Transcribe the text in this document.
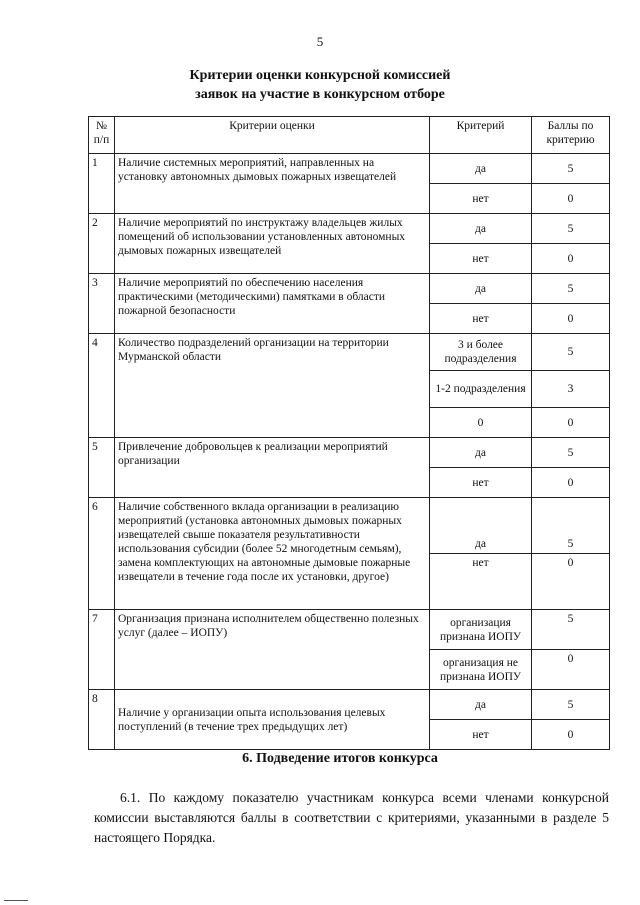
5
Критерии оценки конкурсной комиссией
заявок на участие в конкурсном отборе
№ п/п	Критерии оценки	Критерий	Баллы по критерию
1	Наличие системных мероприятий, направленных на установку автономных дымовых пожарных извещателей	да	5
		нет	0
2	Наличие мероприятий по инструктажу владельцев жилых помещений об использовании установленных автономных дымовых пожарных извещателей	да	5
		нет	0
3	Наличие мероприятий по обеспечению населения практическими (методическими) памятками в области пожарной безопасности	да	5
		нет	0
4	Количество подразделений организации на территории Мурманской области	3 и более подразделения	5
		1-2 подразделения	3
		0	0
5	Привлечение добровольцев к реализации мероприятий организации	да	5
		нет	0
6	Наличие собственного вклада организации в реализацию мероприятий (установка автономных дымовых пожарных извещателей свыше показателя результативности использования субсидии (более 52 многодетным семьям), замена комплектующих на автономные дымовые пожарные извещатели в течение года после их установки, другое)	да	5
		нет	0
7	Организация признана исполнителем общественно полезных услуг (далее – ИОПУ)	организация признана ИОПУ	5
		организация не признана ИОПУ	0
8	Наличие у организации опыта использования целевых поступлений (в течение трех предыдущих лет)	да	5
		нет	0
6. Подведение итогов конкурса
6.1. По каждому показателю участникам конкурса всеми членами конкурсной комиссии выставляются баллы в соответствии с критериями, указанными в разделе 5 настоящего Порядка.
